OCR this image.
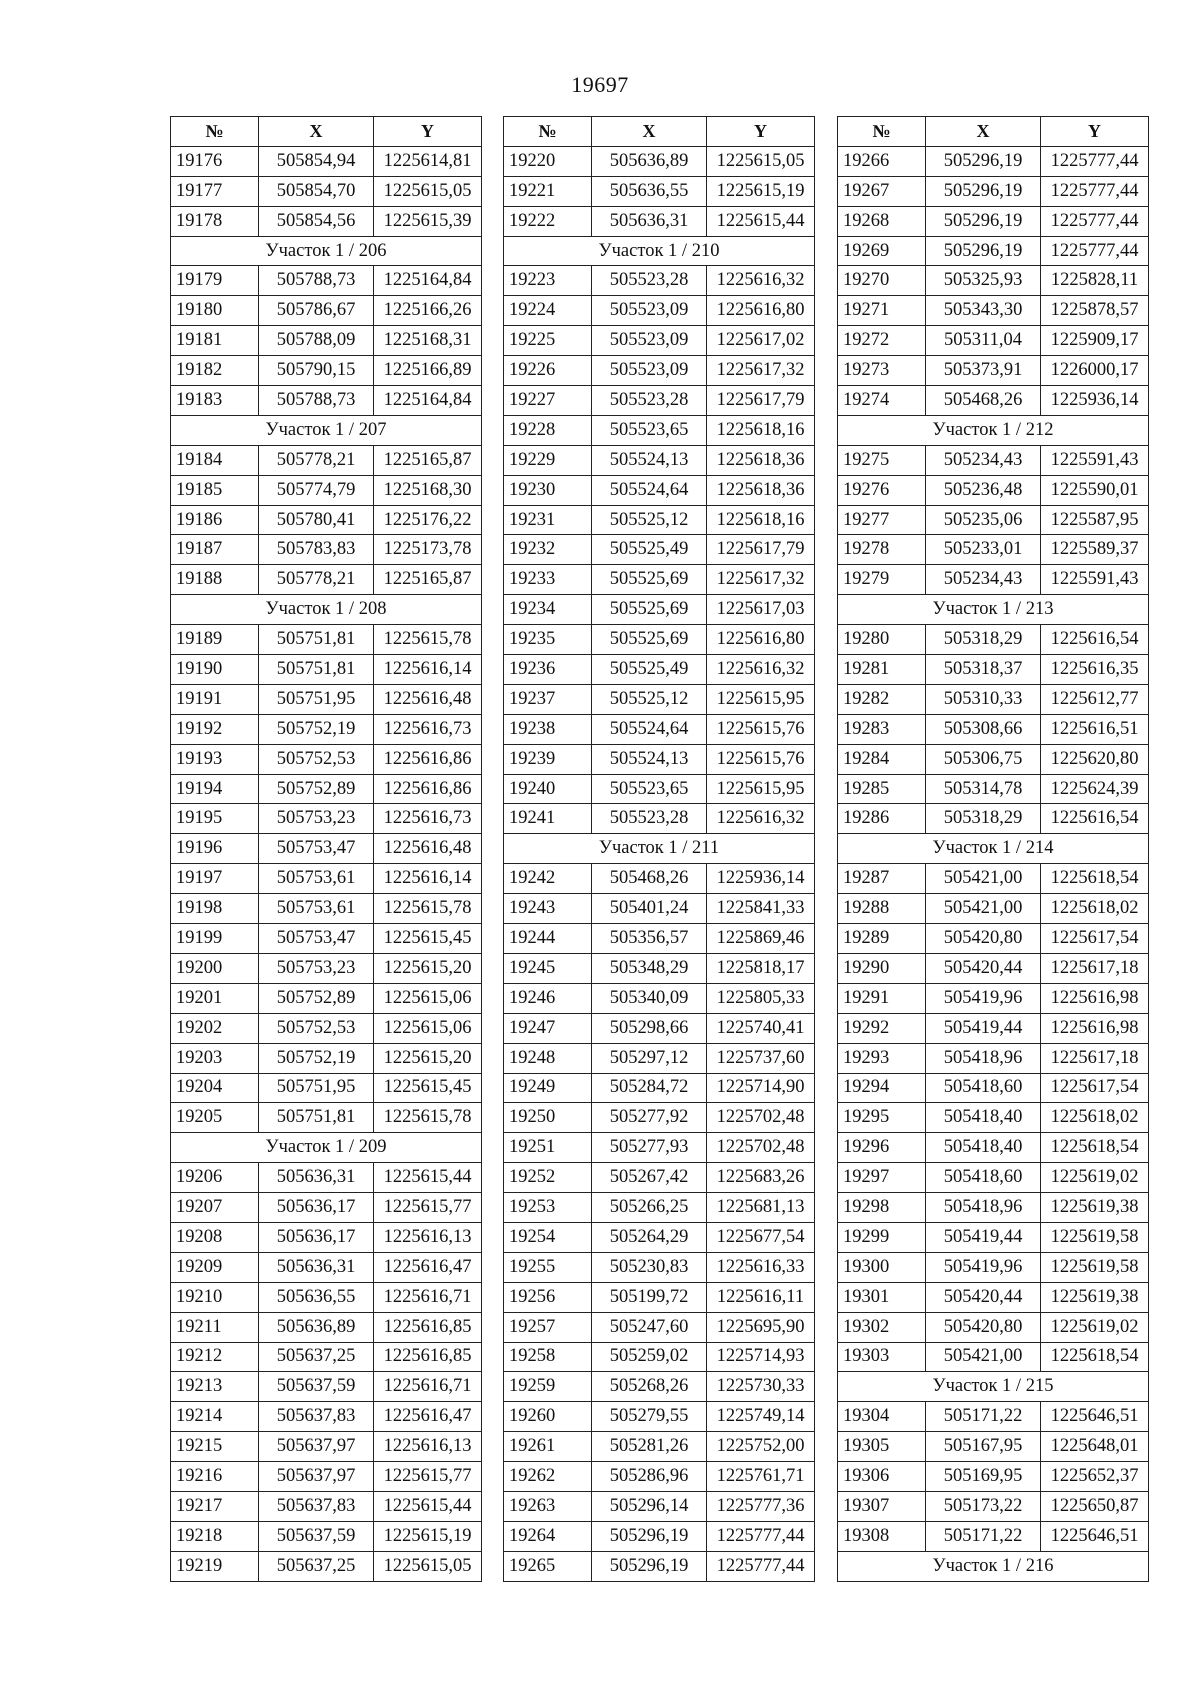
19697
№	X	Y
19176	505854,94	1225614,81
19177	505854,70	1225615,05
19178	505854,56	1225615,39
Участок 1 / 206		
19179	505788,73	1225164,84
19180	505786,67	1225166,26
19181	505788,09	1225168,31
19182	505790,15	1225166,89
19183	505788,73	1225164,84
Участок 1 / 207		
19184	505778,21	1225165,87
19185	505774,79	1225168,30
19186	505780,41	1225176,22
19187	505783,83	1225173,78
19188	505778,21	1225165,87
Участок 1 / 208		
19189	505751,81	1225615,78
19190	505751,81	1225616,14
19191	505751,95	1225616,48
19192	505752,19	1225616,73
19193	505752,53	1225616,86
19194	505752,89	1225616,86
19195	505753,23	1225616,73
19196	505753,47	1225616,48
19197	505753,61	1225616,14
19198	505753,61	1225615,78
19199	505753,47	1225615,45
19200	505753,23	1225615,20
19201	505752,89	1225615,06
19202	505752,53	1225615,06
19203	505752,19	1225615,20
19204	505751,95	1225615,45
19205	505751,81	1225615,78
Участок 1 / 209		
19206	505636,31	1225615,44
19207	505636,17	1225615,77
19208	505636,17	1225616,13
19209	505636,31	1225616,47
19210	505636,55	1225616,71
19211	505636,89	1225616,85
19212	505637,25	1225616,85
19213	505637,59	1225616,71
19214	505637,83	1225616,47
19215	505637,97	1225616,13
19216	505637,97	1225615,77
19217	505637,83	1225615,44
19218	505637,59	1225615,19
19219	505637,25	1225615,05
№	X	Y
19220	505636,89	1225615,05
19221	505636,55	1225615,19
19222	505636,31	1225615,44
Участок 1 / 210		
19223	505523,28	1225616,32
19224	505523,09	1225616,80
19225	505523,09	1225617,02
19226	505523,09	1225617,32
19227	505523,28	1225617,79
19228	505523,65	1225618,16
19229	505524,13	1225618,36
19230	505524,64	1225618,36
19231	505525,12	1225618,16
19232	505525,49	1225617,79
19233	505525,69	1225617,32
19234	505525,69	1225617,03
19235	505525,69	1225616,80
19236	505525,49	1225616,32
19237	505525,12	1225615,95
19238	505524,64	1225615,76
19239	505524,13	1225615,76
19240	505523,65	1225615,95
19241	505523,28	1225616,32
Участок 1 / 211		
19242	505468,26	1225936,14
19243	505401,24	1225841,33
19244	505356,57	1225869,46
19245	505348,29	1225818,17
19246	505340,09	1225805,33
19247	505298,66	1225740,41
19248	505297,12	1225737,60
19249	505284,72	1225714,90
19250	505277,92	1225702,48
19251	505277,93	1225702,48
19252	505267,42	1225683,26
19253	505266,25	1225681,13
19254	505264,29	1225677,54
19255	505230,83	1225616,33
19256	505199,72	1225616,11
19257	505247,60	1225695,90
19258	505259,02	1225714,93
19259	505268,26	1225730,33
19260	505279,55	1225749,14
19261	505281,26	1225752,00
19262	505286,96	1225761,71
19263	505296,14	1225777,36
19264	505296,19	1225777,44
19265	505296,19	1225777,44
№	X	Y
19266	505296,19	1225777,44
19267	505296,19	1225777,44
19268	505296,19	1225777,44
19269	505296,19	1225777,44
19270	505325,93	1225828,11
19271	505343,30	1225878,57
19272	505311,04	1225909,17
19273	505373,91	1226000,17
19274	505468,26	1225936,14
Участок 1 / 212		
19275	505234,43	1225591,43
19276	505236,48	1225590,01
19277	505235,06	1225587,95
19278	505233,01	1225589,37
19279	505234,43	1225591,43
Участок 1 / 213		
19280	505318,29	1225616,54
19281	505318,37	1225616,35
19282	505310,33	1225612,77
19283	505308,66	1225616,51
19284	505306,75	1225620,80
19285	505314,78	1225624,39
19286	505318,29	1225616,54
Участок 1 / 214		
19287	505421,00	1225618,54
19288	505421,00	1225618,02
19289	505420,80	1225617,54
19290	505420,44	1225617,18
19291	505419,96	1225616,98
19292	505419,44	1225616,98
19293	505418,96	1225617,18
19294	505418,60	1225617,54
19295	505418,40	1225618,02
19296	505418,40	1225618,54
19297	505418,60	1225619,02
19298	505418,96	1225619,38
19299	505419,44	1225619,58
19300	505419,96	1225619,58
19301	505420,44	1225619,38
19302	505420,80	1225619,02
19303	505421,00	1225618,54
Участок 1 / 215		
19304	505171,22	1225646,51
19305	505167,95	1225648,01
19306	505169,95	1225652,37
19307	505173,22	1225650,87
19308	505171,22	1225646,51
Участок 1 / 216		
